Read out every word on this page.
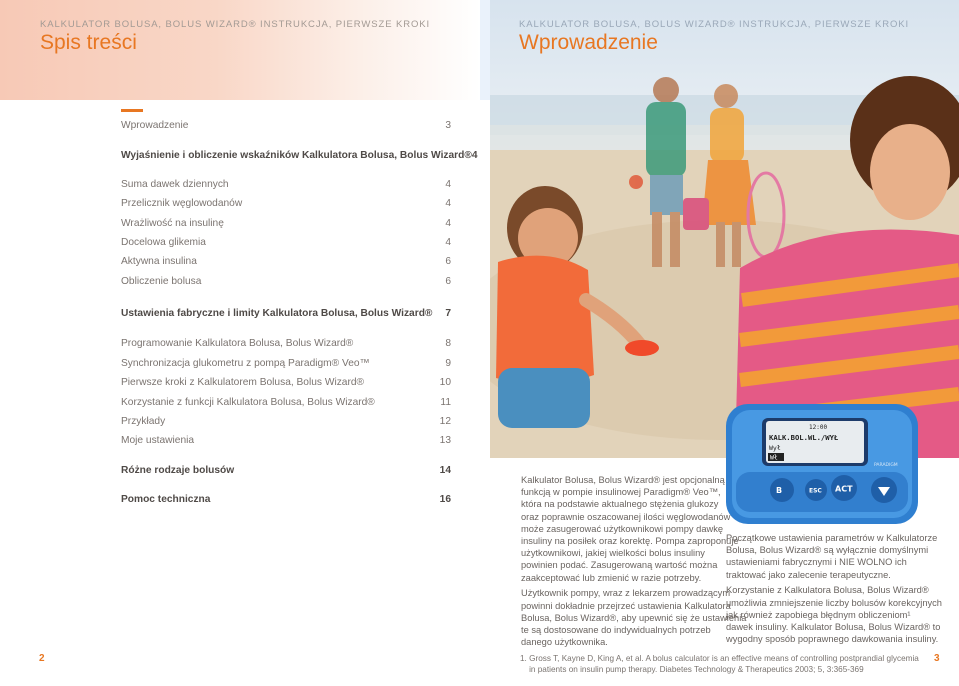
KALKULATOR BOLUSA, BOLUS WIZARD® INSTRUKCJA, PIERWSZE KROKI
Spis treści
Wprowadzenie	3
Wyjaśnienie i obliczenie wskaźników Kalkulatora Bolusa, Bolus Wizard® 4
Suma dawek dziennych	4
Przelicznik węglowodanów	4
Wrażliwość na insulinę	4
Docelowa glikemia	4
Aktywna insulina	6
Obliczenie bolusa	6
Ustawienia fabryczne i limity Kalkulatora Bolusa, Bolus Wizard® 7
Programowanie Kalkulatora Bolusa, Bolus Wizard®	8
Synchronizacja glukometru z pompą Paradigm® Veo™	9
Pierwsze kroki z Kalkulatorem Bolusa, Bolus Wizard®	10
Korzystanie z funkcji Kalkulatora Bolusa, Bolus Wizard®	11
Przykłady	12
Moje ustawienia	13
Różne rodzaje bolusów	14
Pomoc techniczna	16
2
KALKULATOR BOLUSA, BOLUS WIZARD® INSTRUKCJA, PIERWSZE KROKI
Wprowadzenie
Kalkulator Bolusa, Bolus Wizard® jest opcjonalną
funkcją w pompie insulinowej Paradigm® Veo™,
która na podstawie aktualnego stężenia glukozy
oraz poprawnie oszacowanej ilości węglowodanów
może zasugerować użytkownikowi pompy dawkę
insuliny na posiłek oraz korektę. Pompa zaproponuje
użytkownikowi, jakiej wielkości bolus insuliny
powinien podać. Zasugerowaną wartość można
zaakceptować lub zmienić w razie potrzeby.
Użytkownik pompy, wraz z lekarzem prowadzącym
powinni dokładnie przejrzeć ustawienia Kalkulatora
Bolusa, Bolus Wizard®, aby upewnić się że ustawienia
te są dostosowane do indywidualnych potrzeb
danego użytkownika.
Początkowe ustawienia parametrów w Kalkulatorze
Bolusa, Bolus Wizard® są wyłącznie domyślnymi
ustawieniami fabrycznymi i NIE WOLNO ich
traktować jako zalecenie terapeutyczne.
Korzystanie z Kalkulatora Bolusa, Bolus Wizard®
umożliwia zmniejszenie liczby bolusów korekcyjnych
jak również zapobiega błędnym obliczeniom¹
dawek insuliny. Kalkulator Bolusa, Bolus Wizard® to
wygodny sposób poprawnego dawkowania insuliny.
3
12:00
KALK.BOL.WL./WYŁ
Wył
Wł
PARADIGM
B	ESC ACT
1. Gross T, Kayne D, King A, et al. A bolus calculator is an effective means of controlling postprandial glycemia
in patients on insulin pump therapy. Diabetes Technology & Therapeutics 2003; 5, 3:365-369
